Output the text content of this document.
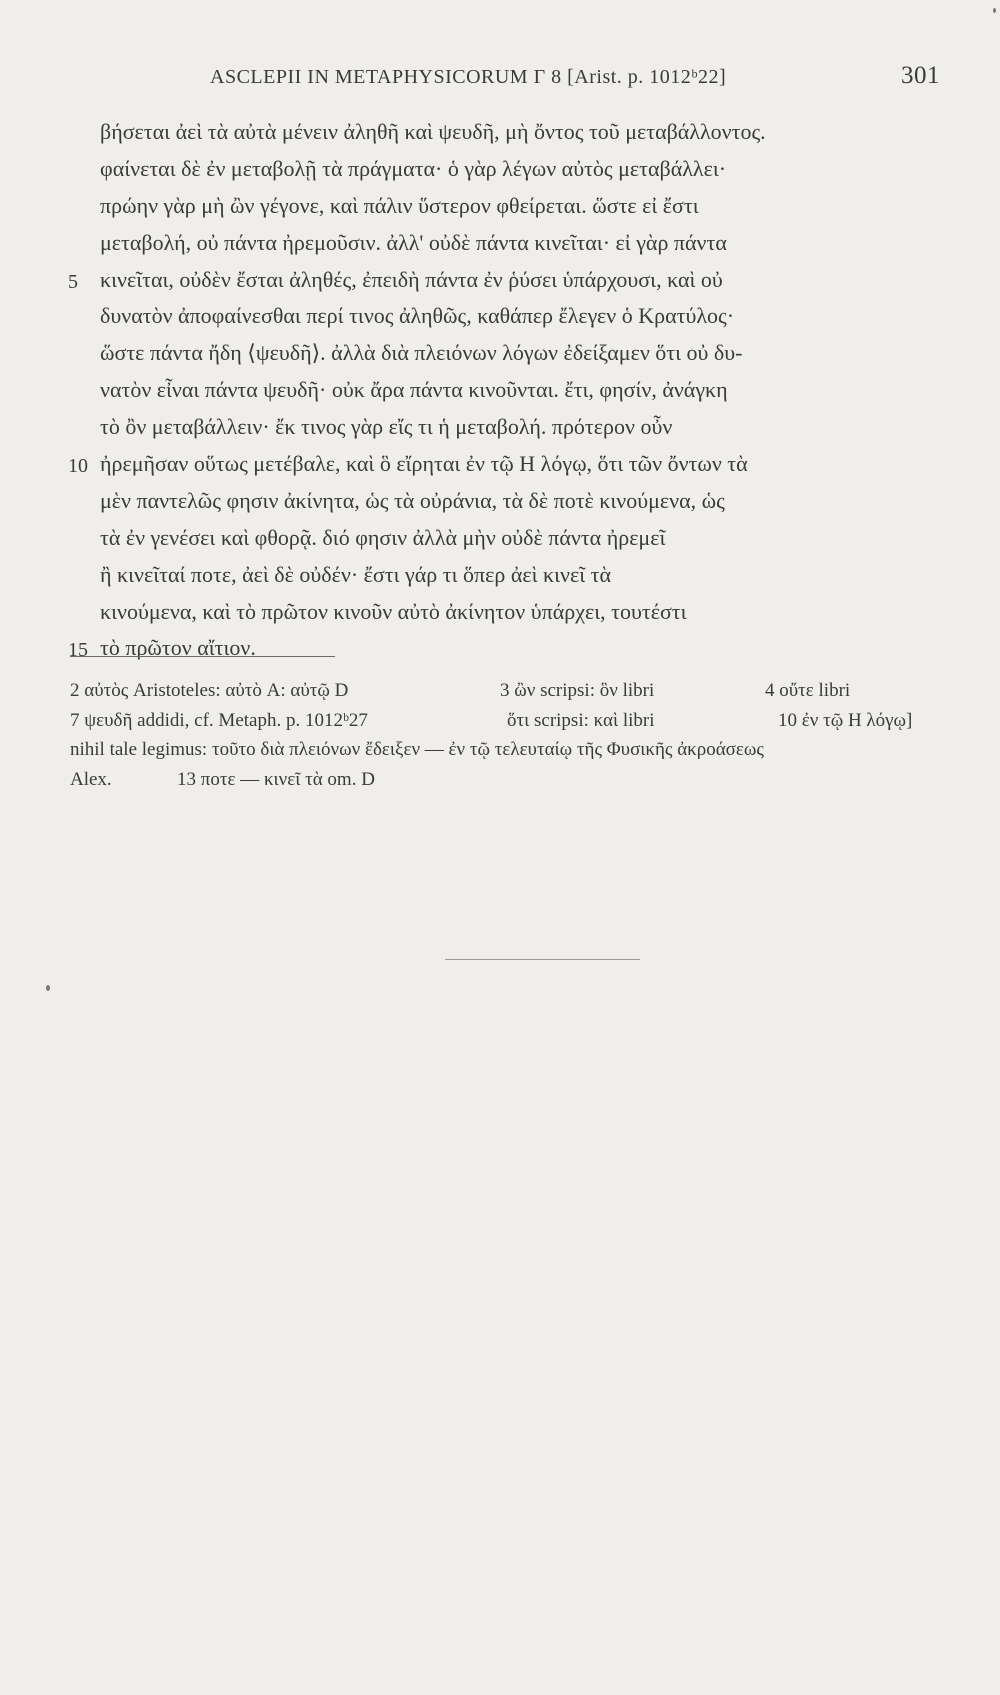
ASCLEPII IN METAPHYSICORUM Γ 8 [Arist. p. 1012ᵇ22]	301
βήσεται ἀεὶ τὰ αὐτὰ μένειν ἀληθῆ καὶ ψευδῆ, μὴ ὄντος τοῦ μεταβάλλοντος.
φαίνεται δὲ ἐν μεταβολῇ τὰ πράγματα· ὁ γὰρ λέγων αὐτὸς μεταβάλλει·
πρώην γὰρ μὴ ὢν γέγονε, καὶ πάλιν ὕστερον φθείρεται. ὥστε εἰ ἔστι
μεταβολή, οὐ πάντα ἠρεμοῦσιν. ἀλλ' οὐδὲ πάντα κινεῖται· εἰ γὰρ πάντα
5	κινεῖται, οὐδὲν ἔσται ἀληθές, ἐπειδὴ πάντα ἐν ῥύσει ὑπάρχουσι, καὶ οὐ
δυνατὸν ἀποφαίνεσθαι περί τινος ἀληθῶς, καθάπερ ἔλεγεν ὁ Κρατύλος·
ὥστε πάντα ἤδη ⟨ψευδῆ⟩. ἀλλὰ διὰ πλειόνων λόγων ἐδείξαμεν ὅτι οὐ δυ-
νατὸν εἶναι πάντα ψευδῆ· οὐκ ἄρα πάντα κινοῦνται. ἔτι, φησίν, ἀνάγκη
τὸ ὂν μεταβάλλειν· ἔκ τινος γὰρ εἴς τι ἡ μεταβολή. πρότερον οὖν
10 ἠρεμῆσαν οὕτως μετέβαλε, καὶ ὃ εἴρηται ἐν τῷ Η λόγῳ, ὅτι τῶν ὄντων τὰ
μὲν παντελῶς φησιν ἀκίνητα, ὡς τὰ οὐράνια, τὰ δὲ ποτὲ κινούμενα, ὡς
τὰ ἐν γενέσει καὶ φθορᾷ. διό φησιν ἀλλὰ μὴν οὐδὲ πάντα ἠρεμεῖ
ἢ κινεῖταί ποτε, ἀεὶ δὲ οὐδέν· ἔστι γάρ τι ὅπερ ἀεὶ κινεῖ τὰ
κινούμενα, καὶ τὸ πρῶτον κινοῦν αὐτὸ ἀκίνητον ὑπάρχει, τουτέστι
15 τὸ πρῶτον αἴτιον.
2 αὐτὸς Aristoteles: αὐτὸ A: αὐτῷ D	3 ὢν scripsi: ὃν libri	4 οὔτε libri
7 ψευδῆ addidi, cf. Metaph. p. 1012ᵇ27	ὅτι scripsi: καὶ libri	10 ἐν τῷ Η λόγῳ]
nihil tale legimus: τοῦτο διὰ πλειόνων ἔδειξεν — ἐν τῷ τελευταίῳ τῆς Φυσικῆς ἀκροάσεως
Alex.	13 ποτε — κινεῖ τὰ om. D
